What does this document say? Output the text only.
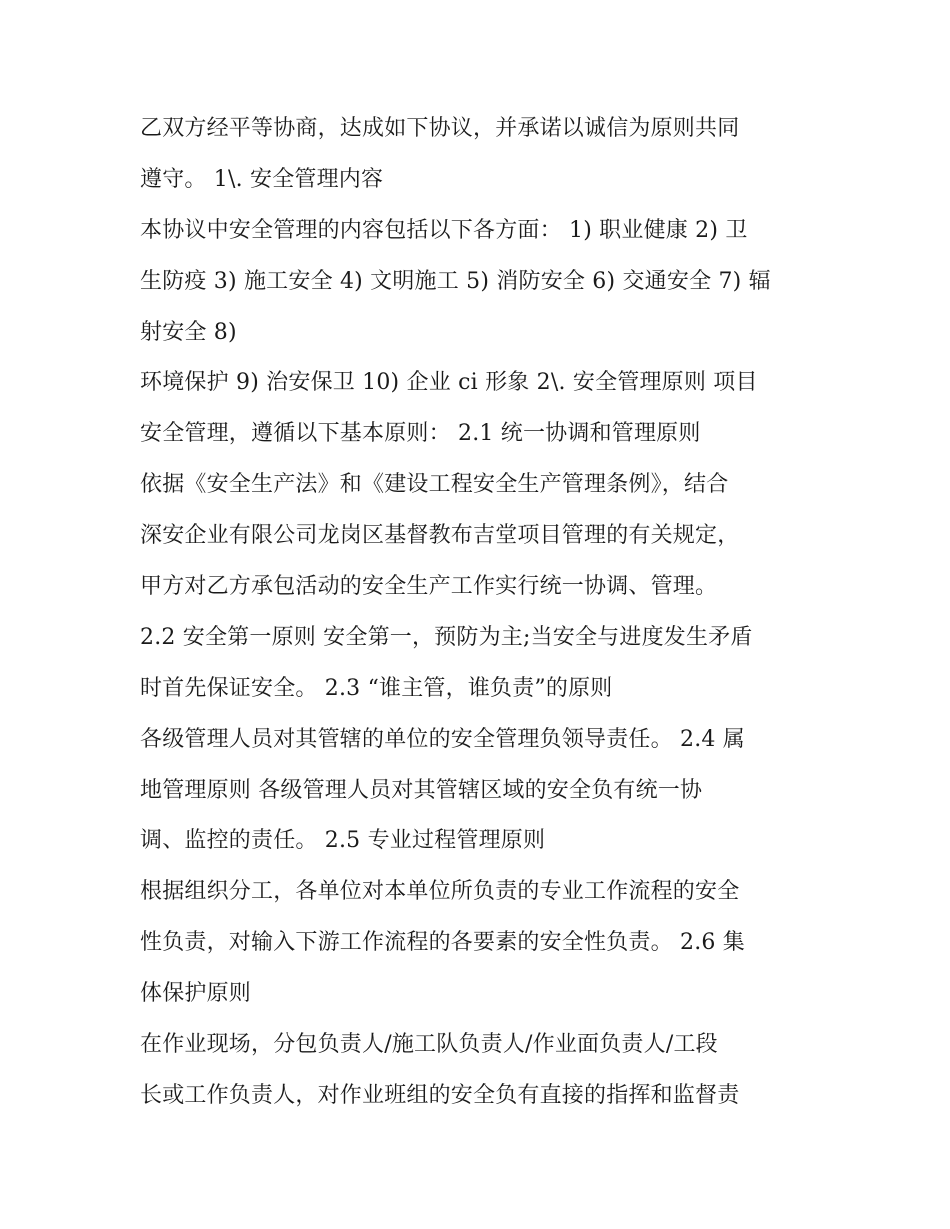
乙双方经平等协商，达成如下协议，并承诺以诚信为原则共同
遵守。 1\. 安全管理内容
本协议中安全管理的内容包括以下各方面： 1) 职业健康 2) 卫
生防疫 3) 施工安全 4) 文明施工 5) 消防安全 6) 交通安全 7) 辐
射安全 8)
环境保护 9) 治安保卫 10) 企业 ci 形象 2\. 安全管理原则 项目
安全管理，遵循以下基本原则： 2.1 统一协调和管理原则
依据《安全生产法》和《建设工程安全生产管理条例》，结合
深安企业有限公司龙岗区基督教布吉堂项目管理的有关规定，
甲方对乙方承包活动的安全生产工作实行统一协调、管理。
2.2 安全第一原则 安全第一，预防为主;当安全与进度发生矛盾
时首先保证安全。 2.3 “谁主管，谁负责”的原则
各级管理人员对其管辖的单位的安全管理负领导责任。 2.4 属
地管理原则 各级管理人员对其管辖区域的安全负有统一协
调、监控的责任。 2.5 专业过程管理原则
根据组织分工，各单位对本单位所负责的专业工作流程的安全
性负责，对输入下游工作流程的各要素的安全性负责。 2.6 集
体保护原则
在作业现场，分包负责人/施工队负责人/作业面负责人/工段
长或工作负责人，对作业班组的安全负有直接的指挥和监督责
